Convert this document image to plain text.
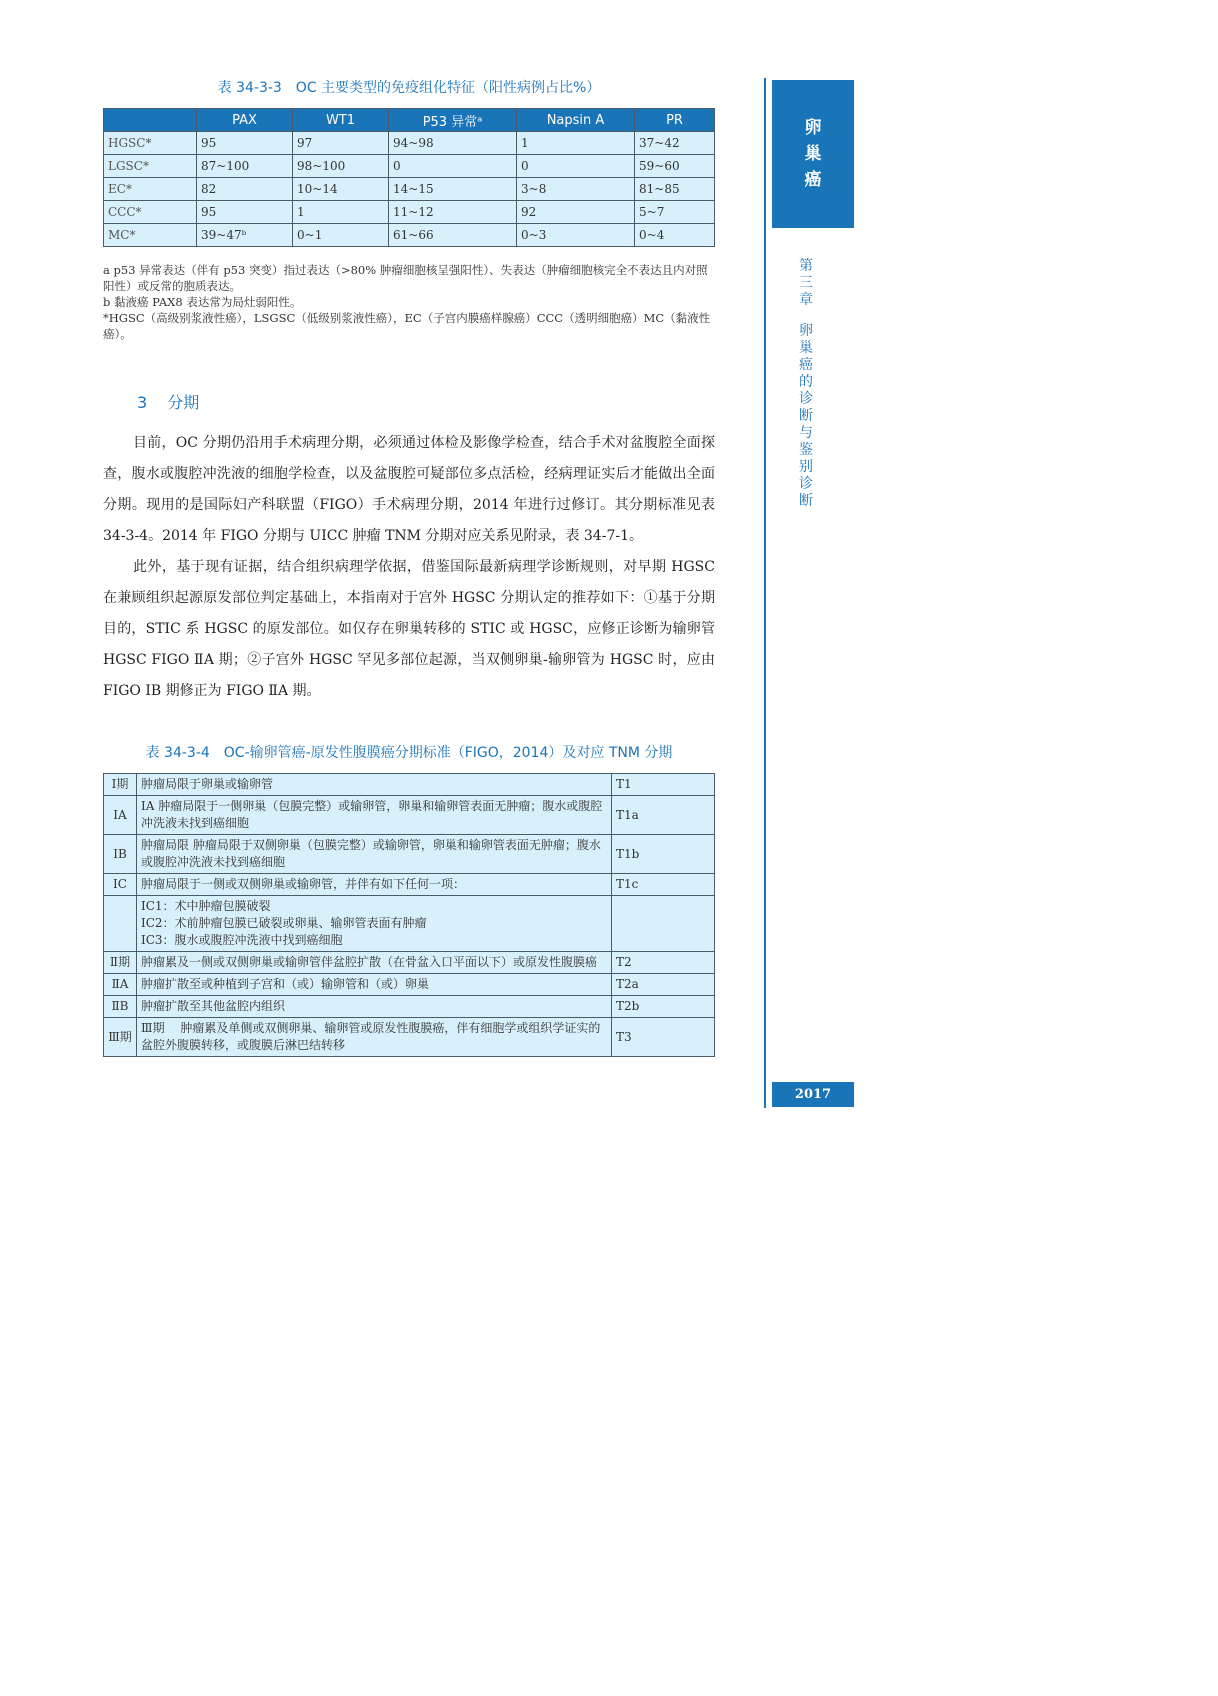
表 34-3-3　OC 主要类型的免疫组化特征（阳性病例占比%）
	PAX	WT1	P53 异常ᵃ	Napsin A	PR
HGSC*	95	97	94~98	1	37~42
LGSC*	87~100	98~100	0	0	59~60
EC*	82	10~14	14~15	3~8	81~85
CCC*	95	1	11~12	92	5~7
MC*	39~47ᵇ	0~1	61~66	0~3	0~4
a p53 异常表达（伴有 p53 突变）指过表达（>80% 肿瘤细胞核呈强阳性）、失表达（肿瘤细胞核完全不表达且内对照阳性）或反常的胞质表达。
b 黏液癌 PAX8 表达常为局灶弱阳性。
*HGSC（高级别浆液性癌），LSGSC（低级别浆液性癌），EC（子宫内膜癌样腺癌）CCC（透明细胞癌）MC（黏液性癌）。
3 分期

目前，OC 分期仍沿用手术病理分期，必须通过体检及影像学检查，结合手术对盆腹腔全面探查，腹水或腹腔冲洗液的细胞学检查，以及盆腹腔可疑部位多点活检，经病理证实后才能做出全面分期。现用的是国际妇产科联盟（FIGO）手术病理分期，2014 年进行过修订。其分期标准见表 34-3-4。2014 年 FIGO 分期与 UICC 肿瘤 TNM 分期对应关系见附录，表 34-7-1。

此外，基于现有证据，结合组织病理学依据，借鉴国际最新病理学诊断规则，对早期 HGSC 在兼顾组织起源原发部位判定基础上，本指南对于宫外 HGSC 分期认定的推荐如下：①基于分期目的，STIC 系 HGSC 的原发部位。如仅存在卵巢转移的 STIC 或 HGSC，应修正诊断为输卵管 HGSC FIGO ⅡA 期；②子宫外 HGSC 罕见多部位起源，当双侧卵巢-输卵管为 HGSC 时，应由 FIGO ⅠB 期修正为 FIGO ⅡA 期。

表 34-3-4　OC-输卵管癌-原发性腹膜癌分期标准（FIGO，2014）及对应 TNM 分期
Ⅰ期	肿瘤局限于卵巢或输卵管	T1
ⅠA	ⅠA 肿瘤局限于一侧卵巢（包膜完整）或输卵管，卵巢和输卵管表面无肿瘤；腹水或腹腔冲洗液未找到癌细胞	T1a
ⅠB	肿瘤局限 肿瘤局限于双侧卵巢（包膜完整）或输卵管，卵巢和输卵管表面无肿瘤；腹水或腹腔冲洗液未找到癌细胞	T1b
ⅠC	肿瘤局限于一侧或双侧卵巢或输卵管，并伴有如下任何一项：	T1c
	ⅠC1：术中肿瘤包膜破裂
ⅠC2：术前肿瘤包膜已破裂或卵巢、输卵管表面有肿瘤
ⅠC3：腹水或腹腔冲洗液中找到癌细胞	
Ⅱ期	肿瘤累及一侧或双侧卵巢或输卵管伴盆腔扩散（在骨盆入口平面以下）或原发性腹膜癌	T2
ⅡA	肿瘤扩散至或种植到子宫和（或）输卵管和（或）卵巢	T2a
ⅡB	肿瘤扩散至其他盆腔内组织	T2b
Ⅲ期	Ⅲ期　 肿瘤累及单侧或双侧卵巢、输卵管或原发性腹膜癌，伴有细胞学或组织学证实的盆腔外腹膜转移，或腹膜后淋巴结转移	T3
卵
巢
癌
第
三
章
卵
巢
癌
的
诊
断
与
鉴
别
诊
断
2017
